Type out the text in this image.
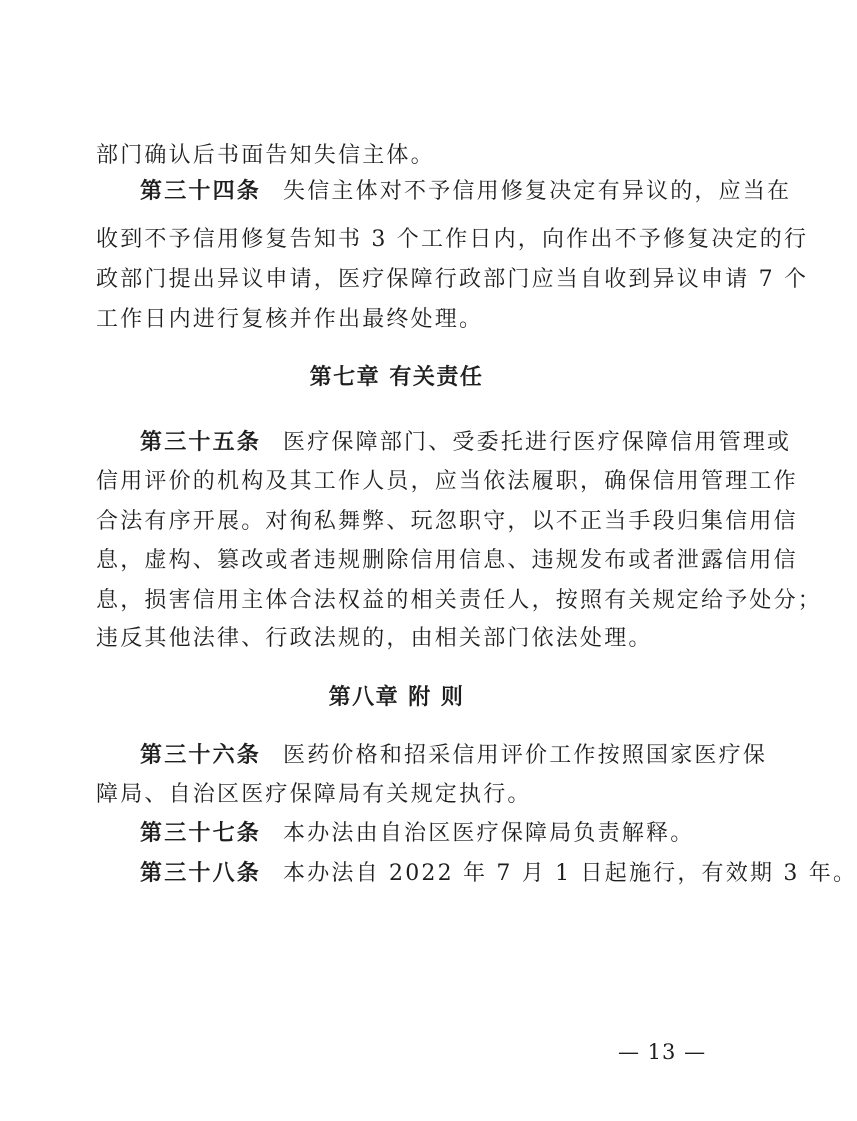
部门确认后书面告知失信主体。
第三十四条 失信主体对不予信用修复决定有异议的，应当在
收到不予信用修复告知书 3 个工作日内，向作出不予修复决定的行
政部门提出异议申请，医疗保障行政部门应当自收到异议申请 7 个
工作日内进行复核并作出最终处理。
第七章 有关责任
第三十五条 医疗保障部门、受委托进行医疗保障信用管理或
信用评价的机构及其工作人员，应当依法履职，确保信用管理工作
合法有序开展。对徇私舞弊、玩忽职守，以不正当手段归集信用信
息，虚构、篡改或者违规删除信用信息、违规发布或者泄露信用信
息，损害信用主体合法权益的相关责任人，按照有关规定给予处分；
违反其他法律、行政法规的，由相关部门依法处理。
第八章 附 则
第三十六条 医药价格和招采信用评价工作按照国家医疗保
障局、自治区医疗保障局有关规定执行。
第三十七条 本办法由自治区医疗保障局负责解释。
第三十八条 本办法自 2022 年 7 月 1 日起施行，有效期 3 年。
— 13 —
